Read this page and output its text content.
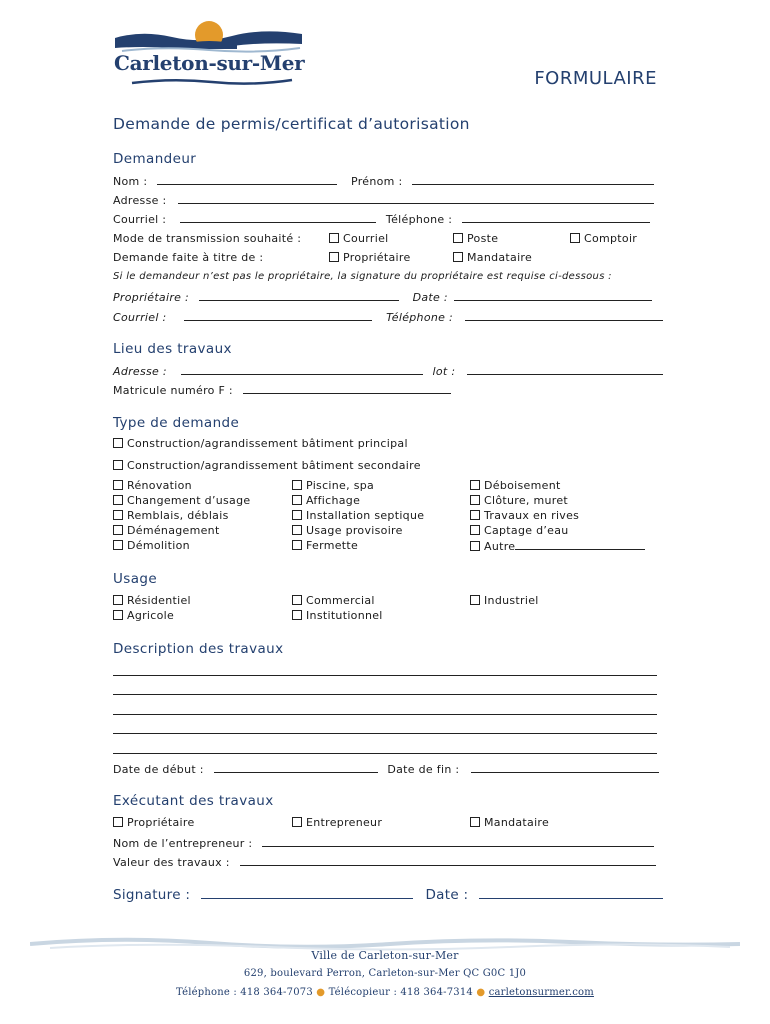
Carleton-sur-Mer
FORMULAIRE
Demande de permis/certificat d’autorisation
Demandeur
Nom :	Prénom :
Adresse :
Courriel :	Téléphone :
Mode de transmission souhaité :	Courriel	Poste	Comptoir
Demande faite à titre de :	Propriétaire	Mandataire
Si le demandeur n’est pas le propriétaire, la signature du propriétaire est requise ci-dessous :
Propriétaire :	Date :
Courriel :	Téléphone :
Lieu des travaux
Adresse :	lot :
Matricule numéro F :
Type de demande
Construction/agrandissement bâtiment principal
Construction/agrandissement bâtiment secondaire
Rénovation
Changement d’usage
Remblais, déblais
Déménagement
Démolition
Piscine, spa
Affichage
Installation septique
Usage provisoire
Fermette
Déboisement
Clôture, muret
Travaux en rives
Captage d’eau
Autre
Usage
Résidentiel
Agricole
Commercial
Institutionnel
Industriel
Description des travaux
Date de début :	Date de fin :
Exécutant des travaux
Propriétaire	Entrepreneur	Mandataire
Nom de l’entrepreneur :
Valeur des travaux :
Signature :	Date :
Ville de Carleton-sur-Mer
629, boulevard Perron, Carleton-sur-Mer QC G0C 1J0
Téléphone : 418 364-7073 ● Télécopieur : 418 364-7314 ● carletonsurmer.com
